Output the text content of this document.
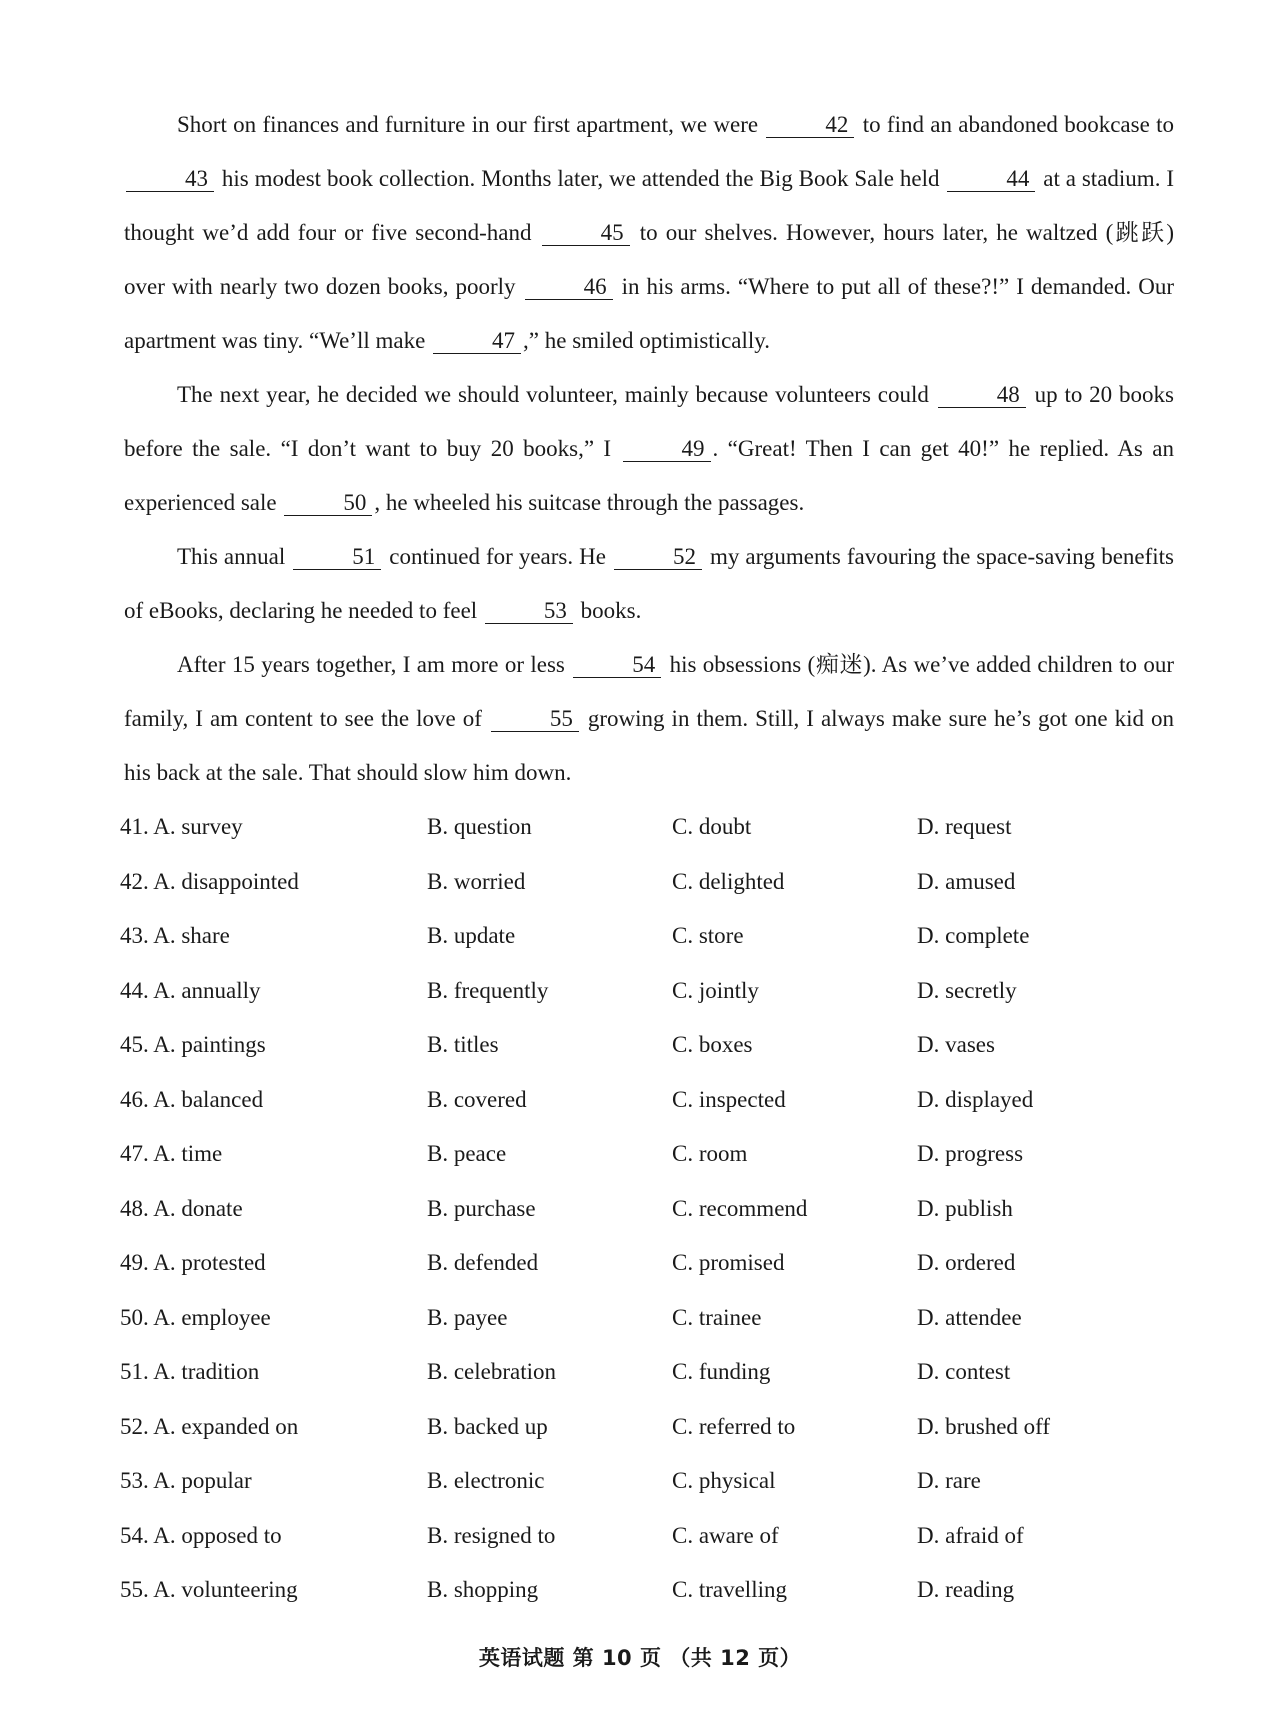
Short on finances and furniture in our first apartment, we were	42 to find an abandoned bookcase to 43 his modest book collection. Months later, we attended the Big Book Sale held	44 at a stadium. I thought we’d add four or five second-hand	45 to our shelves. However, hours later, he waltzed (跳跃) over with nearly two dozen books, poorly	46 in his arms. “Where to put all of these?!” I demanded. Our apartment was tiny. “We’ll make	47 ,” he smiled optimistically.

The next year, he decided we should volunteer, mainly because volunteers could	48 up to 20 books before the sale. “I don’t want to buy 20 books,” I	49 . “Great! Then I can get 40!” he replied. As an experienced sale	50 , he wheeled his suitcase through the passages.

This annual	51 continued for years. He	52 my arguments favouring the space-saving benefits of eBooks, declaring he needed to feel	53 books.

After 15 years together, I am more or less	54 his obsessions (痴迷). As we’ve added children to our family, I am content to see the love of	55 growing in them. Still, I always make sure he’s got one kid on his back at the sale. That should slow him down.

41. A. survey	B. question	C. doubt	D. request
42. A. disappointed	B. worried	C. delighted	D. amused
43. A. share	B. update	C. store	D. complete
44. A. annually	B. frequently	C. jointly	D. secretly
45. A. paintings	B. titles	C. boxes	D. vases
46. A. balanced	B. covered	C. inspected	D. displayed
47. A. time	B. peace	C. room	D. progress
48. A. donate	B. purchase	C. recommend	D. publish
49. A. protested	B. defended	C. promised	D. ordered
50. A. employee	B. payee	C. trainee	D. attendee
51. A. tradition	B. celebration	C. funding	D. contest
52. A. expanded on	B. backed up	C. referred to	D. brushed off
53. A. popular	B. electronic	C. physical	D. rare
54. A. opposed to	B. resigned to	C. aware of	D. afraid of
55. A. volunteering	B. shopping	C. travelling	D. reading
英语试题 第 10 页 （共 12 页）
